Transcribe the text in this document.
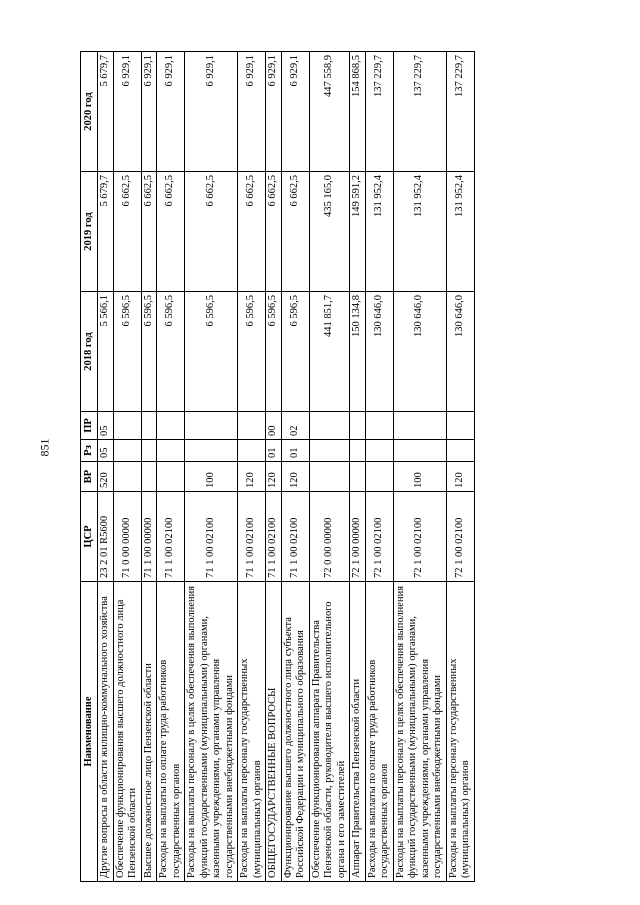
851
Наименование	ЦСР	ВР	Рз	ПР	2018 год	2019 год	2020 год
Другие вопросы в области жилищно-коммунального хозяйства	23 2 01 R5600	520	05	05	5 566,1	5 679,7	5 679,7
Обеспечение функционирования высшего должностного лица Пензенской области	71 0 00 00000				6 596,5	6 662,5	6 929,1
Высшее должностное лицо Пензенской области	71 1 00 00000				6 596,5	6 662,5	6 929,1
Расходы на выплаты по оплате труда работников государственных органов	71 1 00 02100				6 596,5	6 662,5	6 929,1
Расходы на выплаты персоналу в целях обеспечения выполнения функций государственными (муниципальными) органами, казенными учреждениями, органами управления государственными внебюджетными фондами	71 1 00 02100	100			6 596,5	6 662,5	6 929,1
Расходы на выплаты персоналу государственных (муниципальных) органов	71 1 00 02100	120			6 596,5	6 662,5	6 929,1
ОБЩЕГОСУДАРСТВЕННЫЕ ВОПРОСЫ	71 1 00 02100	120	01	00	6 596,5	6 662,5	6 929,1
Функционирование высшего должностного лица субъекта Российской Федерации и муниципального образования	71 1 00 02100	120	01	02	6 596,5	6 662,5	6 929,1
Обеспечение функционирования аппарата Правительства Пензенской области, руководителя высшего исполнительного органа и его заместителей	72 0 00 00000				441 851,7	435 165,0	447 558,9
Аппарат Правительства Пензенской области	72 1 00 00000				150 134,8	149 591,2	154 868,5
Расходы на выплаты по оплате труда работников государственных органов	72 1 00 02100				130 646,0	131 952,4	137 229,7
Расходы на выплаты персоналу в целях обеспечения выполнения функций государственными (муниципальными) органами, казенными учреждениями, органами управления государственными внебюджетными фондами	72 1 00 02100	100			130 646,0	131 952,4	137 229,7
Расходы на выплаты персоналу государственных (муниципальных) органов	72 1 00 02100	120			130 646,0	131 952,4	137 229,7
